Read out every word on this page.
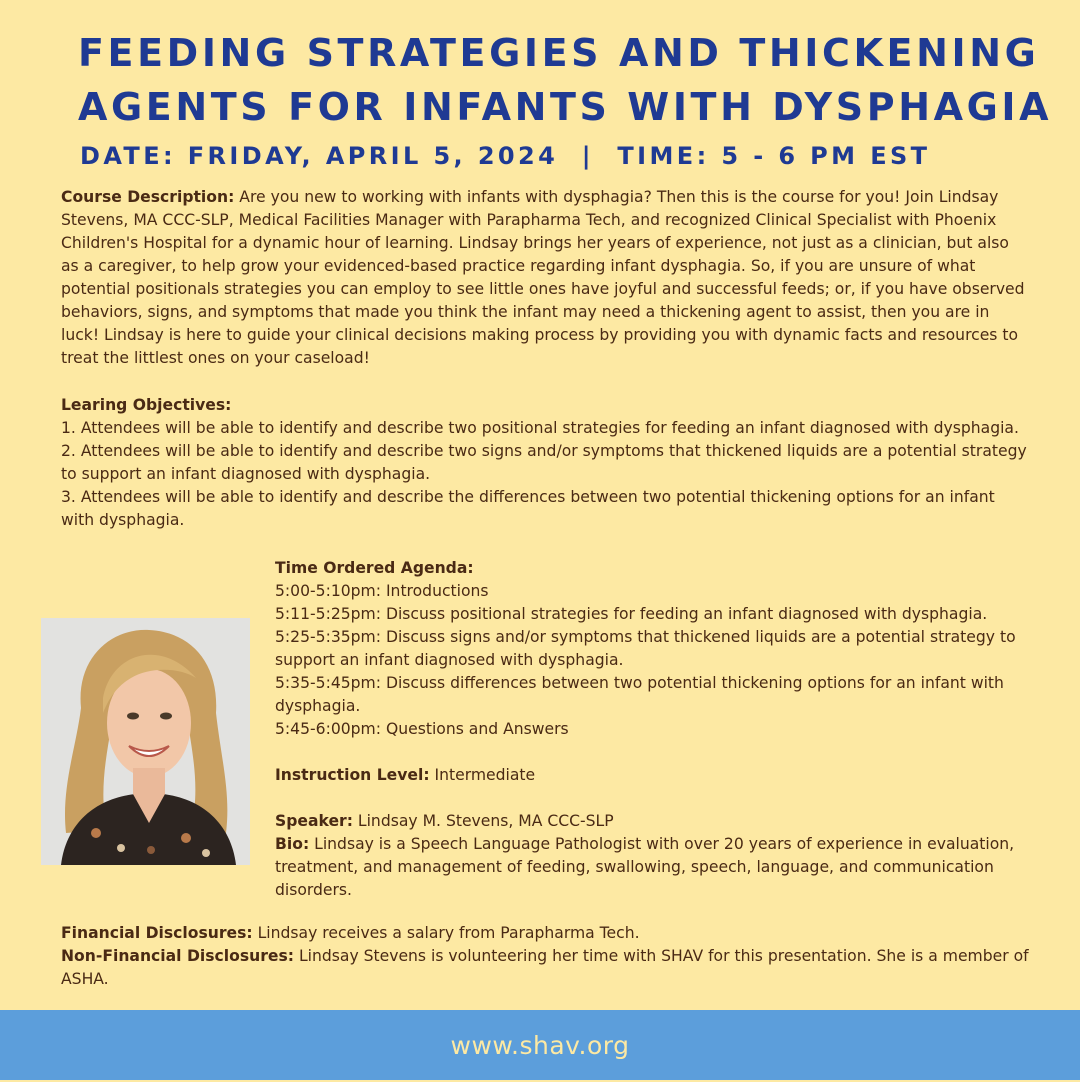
FEEDING STRATEGIES AND THICKENING
AGENTS FOR INFANTS WITH DYSPHAGIA
DATE: FRIDAY, APRIL 5, 2024  |  TIME: 5 - 6 PM EST
Course Description: Are you new to working with infants with dysphagia? Then this is the course for you! Join Lindsay Stevens, MA CCC-SLP, Medical Facilities Manager with Parapharma Tech, and recognized Clinical Specialist with Phoenix Children's Hospital for a dynamic hour of learning. Lindsay brings her years of experience, not just as a clinician, but also as a caregiver, to help grow your evidenced-based practice regarding infant dysphagia. So, if you are unsure of what potential positionals strategies you can employ to see little ones have joyful and successful feeds; or, if you have observed behaviors, signs, and symptoms that made you think the infant may need a thickening agent to assist, then you are in luck! Lindsay is here to guide your clinical decisions making process by providing you with dynamic facts and resources to treat the littlest ones on your caseload!
Learing Objectives:
1. Attendees will be able to identify and describe two positional strategies for feeding an infant diagnosed with dysphagia.
2. Attendees will be able to identify and describe two signs and/or symptoms that thickened liquids are a potential strategy to support an infant diagnosed with dysphagia.
3. Attendees will be able to identify and describe the differences between two potential thickening options for an infant with dysphagia.
Time Ordered Agenda:
5:00-5:10pm: Introductions
5:11-5:25pm: Discuss positional strategies for feeding an infant diagnosed with dysphagia.
5:25-5:35pm: Discuss signs and/or symptoms that thickened liquids are a potential strategy to support an infant diagnosed with dysphagia.
5:35-5:45pm: Discuss differences between two potential thickening options for an infant with dysphagia.
5:45-6:00pm: Questions and Answers
Instruction Level: Intermediate
Speaker: Lindsay M. Stevens, MA CCC-SLP
Bio: Lindsay is a Speech Language Pathologist with over 20 years of experience in evaluation, treatment, and management of feeding, swallowing, speech, language, and communication disorders.
Financial Disclosures: Lindsay receives a salary from Parapharma Tech.
Non-Financial Disclosures: Lindsay Stevens is volunteering her time with SHAV for this presentation. She is a member of ASHA.
www.shav.org
